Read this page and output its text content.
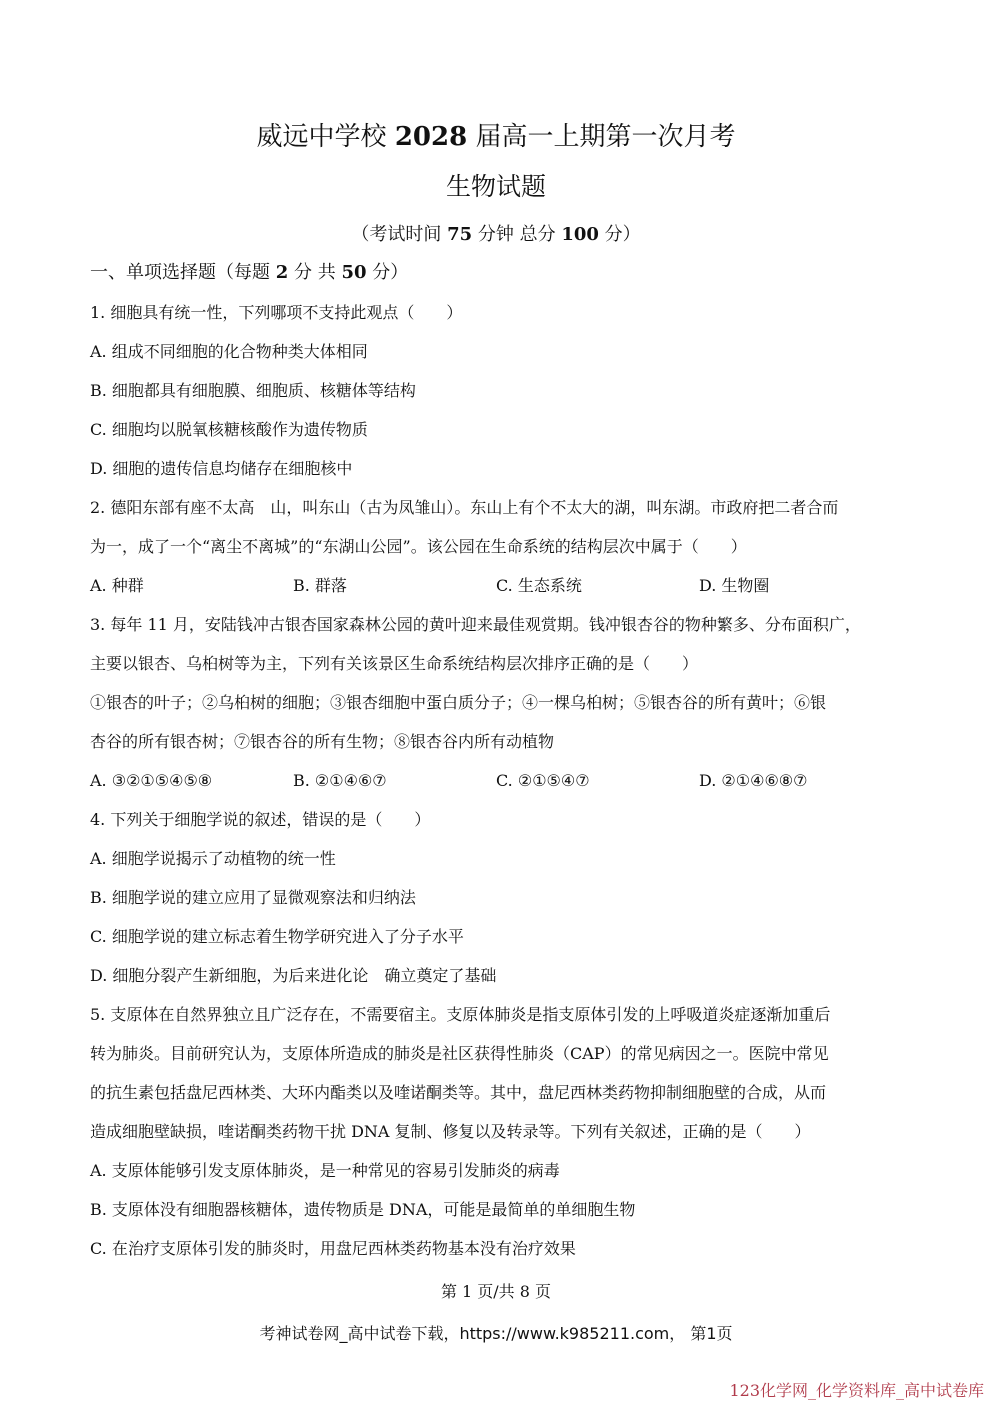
威远中学校 2028 届高一上期第一次月考
生物试题
（考试时间 75 分钟 总分 100 分）
一、单项选择题（每题 2 分 共 50 分）
1. 细胞具有统一性，下列哪项不支持此观点（　　）
A. 组成不同细胞的化合物种类大体相同
B. 细胞都具有细胞膜、细胞质、核糖体等结构
C. 细胞均以脱氧核糖核酸作为遗传物质
D. 细胞的遗传信息均储存在细胞核中
2. 德阳东部有座不太高　山，叫东山（古为凤雏山）。东山上有个不太大的湖，叫东湖。市政府把二者合而
为一，成了一个“离尘不离城”的“东湖山公园”。该公园在生命系统的结构层次中属于（　　）
A. 种群	B. 群落	C. 生态系统	D. 生物圈
3. 每年 11 月，安陆钱冲古银杏国家森林公园的黄叶迎来最佳观赏期。钱冲银杏谷的物种繁多、分布面积广，
主要以银杏、乌桕树等为主，下列有关该景区生命系统结构层次排序正确的是（　　）
①银杏的叶子；②乌桕树的细胞；③银杏细胞中蛋白质分子；④一棵乌桕树；⑤银杏谷的所有黄叶；⑥银
杏谷的所有银杏树；⑦银杏谷的所有生物；⑧银杏谷内所有动植物
A. ③②①⑤④⑤⑧	B. ②①④⑥⑦	C. ②①⑤④⑦	D. ②①④⑥⑧⑦
4. 下列关于细胞学说的叙述，错误的是（　　）
A. 细胞学说揭示了动植物的统一性
B. 细胞学说的建立应用了显微观察法和归纳法
C. 细胞学说的建立标志着生物学研究进入了分子水平
D. 细胞分裂产生新细胞，为后来进化论　确立奠定了基础
5. 支原体在自然界独立且广泛存在，不需要宿主。支原体肺炎是指支原体引发的上呼吸道炎症逐渐加重后
转为肺炎。目前研究认为，支原体所造成的肺炎是社区获得性肺炎（CAP）的常见病因之一。医院中常见
的抗生素包括盘尼西林类、大环内酯类以及喹诺酮类等。其中，盘尼西林类药物抑制细胞壁的合成，从而
造成细胞壁缺损，喹诺酮类药物干扰 DNA 复制、修复以及转录等。下列有关叙述，正确的是（　　）
A. 支原体能够引发支原体肺炎，是一种常见的容易引发肺炎的病毒
B. 支原体没有细胞器核糖体，遗传物质是 DNA，可能是最简单的单细胞生物
C. 在治疗支原体引发的肺炎时，用盘尼西林类药物基本没有治疗效果
第 1 页/共 8 页
考神试卷网_高中试卷下载，https://www.k985211.com， 第1页
123化学网_化学资料库_高中试卷库
